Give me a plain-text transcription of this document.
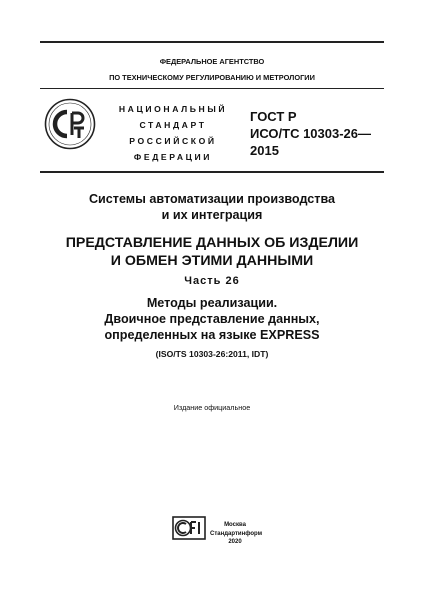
ФЕДЕРАЛЬНОЕ АГЕНТСТВО
ПО ТЕХНИЧЕСКОМУ РЕГУЛИРОВАНИЮ И МЕТРОЛОГИИ
НАЦИОНАЛЬНЫЙ
СТАНДАРТ
РОССИЙСКОЙ
ФЕДЕРАЦИИ
ГОСТ Р
ИСО/ТС 10303-26—
2015
Системы автоматизации производства
и их интеграция
ПРЕДСТАВЛЕНИЕ ДАННЫХ ОБ ИЗДЕЛИИ
И ОБМЕН ЭТИМИ ДАННЫМИ
Часть 26
Методы реализации.
Двоичное представление данных,
определенных на языке EXPRESS
(ISO/TS 10303-26:2011, IDT)
Издание официальное
Москва
Стандартинформ
2020
